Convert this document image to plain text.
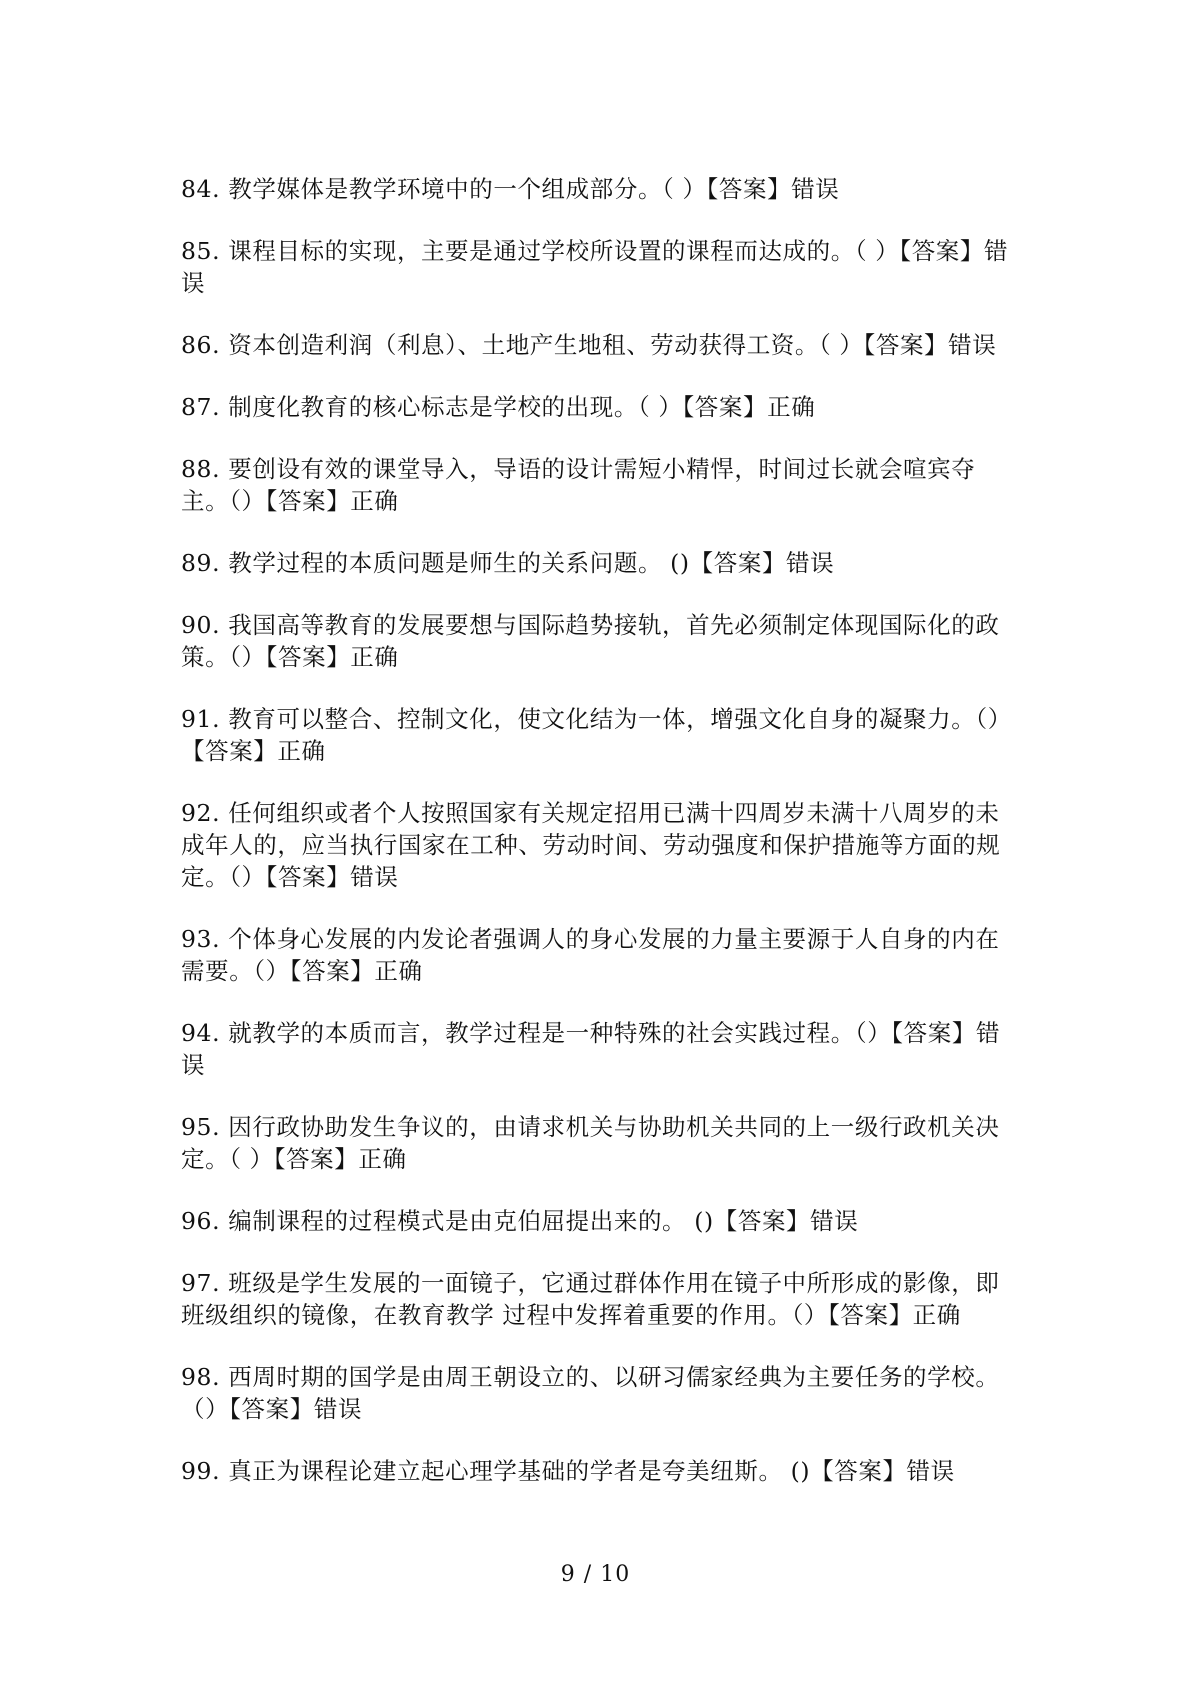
84. 教学媒体是教学环境中的一个组成部分。（ ）【答案】错误

85. 课程目标的实现，主要是通过学校所设置的课程而达成的。（ ）【答案】错误

86. 资本创造利润（利息）、土地产生地租、劳动获得工资。（ ）【答案】错误

87. 制度化教育的核心标志是学校的出现。（ ）【答案】正确

88. 要创设有效的课堂导入，导语的设计需短小精悍，时间过长就会喧宾夺主。（）【答案】正确

89. 教学过程的本质问题是师生的关系问题。 ()【答案】错误

90. 我国高等教育的发展要想与国际趋势接轨，首先必须制定体现国际化的政策。（）【答案】正确

91. 教育可以整合、控制文化，使文化结为一体，增强文化自身的凝聚力。（）【答案】正确

92. 任何组织或者个人按照国家有关规定招用已满十四周岁未满十八周岁的未成年人的，应当执行国家在工种、劳动时间、劳动强度和保护措施等方面的规定。（）【答案】错误

93. 个体身心发展的内发论者强调人的身心发展的力量主要源于人自身的内在需要。（）【答案】正确

94. 就教学的本质而言，教学过程是一种特殊的社会实践过程。（）【答案】错误

95. 因行政协助发生争议的，由请求机关与协助机关共同的上一级行政机关决定。（ ）【答案】正确

96. 编制课程的过程模式是由克伯屈提出来的。 ()【答案】错误

97. 班级是学生发展的一面镜子，它通过群体作用在镜子中所形成的影像，即班级组织的镜像，在教育教学 过程中发挥着重要的作用。（）【答案】正确

98. 西周时期的国学是由周王朝设立的、以研习儒家经典为主要任务的学校。（）【答案】错误

99. 真正为课程论建立起心理学基础的学者是夸美纽斯。 ()【答案】错误

9 / 10
